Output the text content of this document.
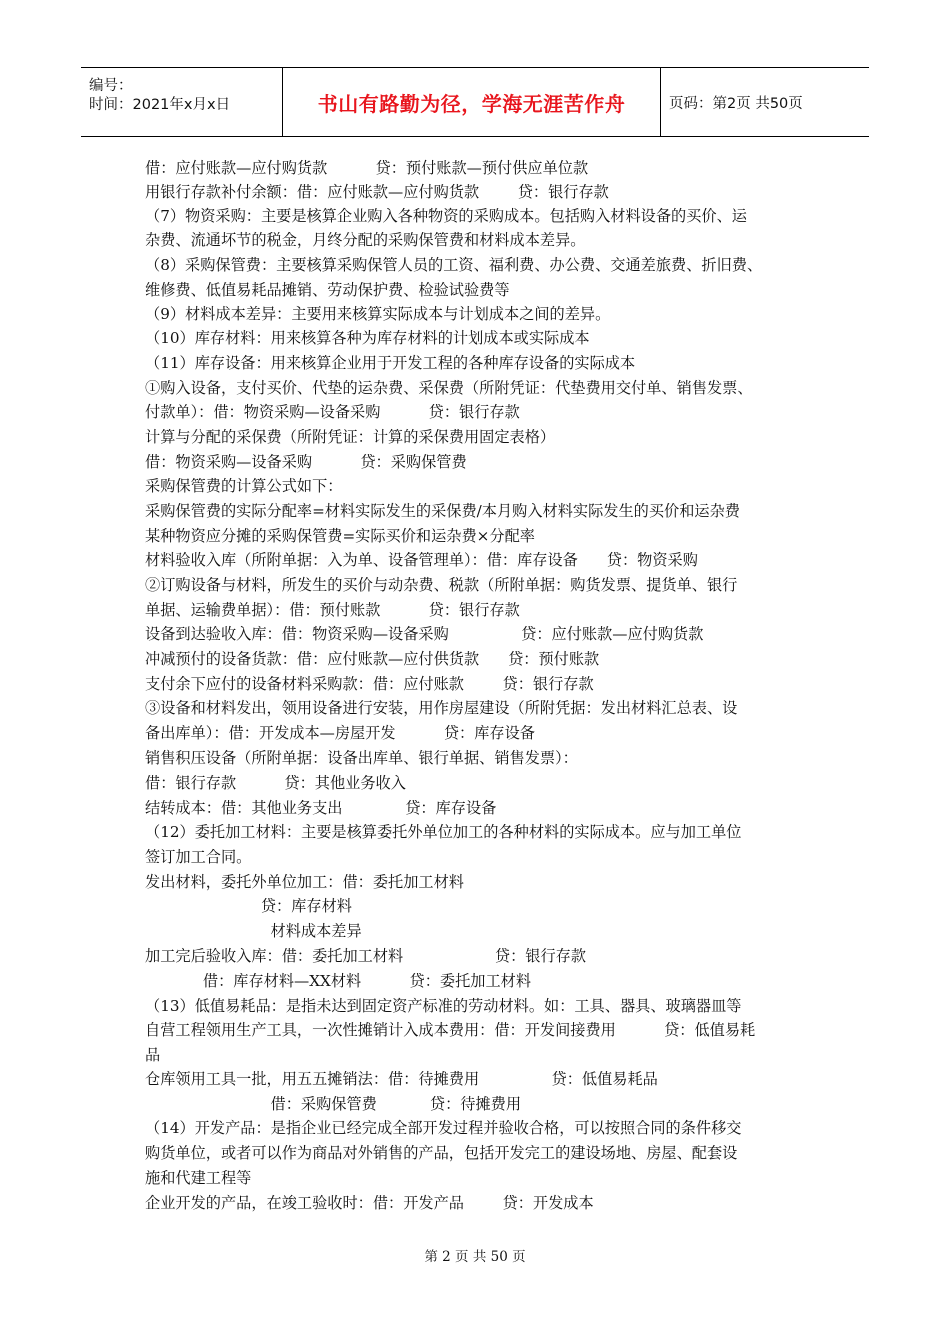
编号：
时间：2021年x月x日	书山有路勤为径，学海无涯苦作舟	页码：第2页 共50页
借：应付账款—应付购货款          贷：预付账款—预付供应单位款
用银行存款补付余额：借：应付账款—应付购货款        贷：银行存款
（7）物资采购：主要是核算企业购入各种物资的采购成本。包括购入材料设备的买价、运
杂费、流通坏节的税金，月终分配的采购保管费和材料成本差异。
（8）采购保管费：主要核算采购保管人员的工资、福利费、办公费、交通差旅费、折旧费、
维修费、低值易耗品摊销、劳动保护费、检验试验费等
（9）材料成本差异：主要用来核算实际成本与计划成本之间的差异。
（10）库存材料：用来核算各种为库存材料的计划成本或实际成本
（11）库存设备：用来核算企业用于开发工程的各种库存设备的实际成本
①购入设备，支付买价、代垫的运杂费、采保费（所附凭证：代垫费用交付单、销售发票、
付款单）：借：物资采购—设备采购          贷：银行存款
计算与分配的采保费（所附凭证：计算的采保费用固定表格）
借：物资采购—设备采购          贷：采购保管费
采购保管费的计算公式如下：
采购保管费的实际分配率=材料实际发生的采保费/本月购入材料实际发生的买价和运杂费
某种物资应分摊的采购保管费=实际买价和运杂费×分配率
材料验收入库（所附单据：入为单、设备管理单）：借：库存设备      贷：物资采购
②订购设备与材料，所发生的买价与动杂费、税款（所附单据：购货发票、提货单、银行
单据、运输费单据）：借：预付账款          贷：银行存款
设备到达验收入库：借：物资采购—设备采购               贷：应付账款—应付购货款
冲减预付的设备货款：借：应付账款—应付供货款      贷：预付账款
支付余下应付的设备材料采购款：借：应付账款        贷：银行存款
③设备和材料发出，领用设备进行安装，用作房屋建设（所附凭据：发出材料汇总表、设
备出库单）：借：开发成本—房屋开发          贷：库存设备
销售积压设备（所附单据：设备出库单、银行单据、销售发票）：
借：银行存款          贷：其他业务收入
结转成本：借：其他业务支出             贷：库存设备
（12）委托加工材料：主要是核算委托外单位加工的各种材料的实际成本。应与加工单位
签订加工合同。
发出材料，委托外单位加工：借：委托加工材料
贷：库存材料
材料成本差异
加工完后验收入库：借：委托加工材料                   贷：银行存款
借：库存材料—XX材料          贷：委托加工材料
（13）低值易耗品：是指未达到固定资产标准的劳动材料。如：工具、器具、玻璃器皿等
自营工程领用生产工具，一次性摊销计入成本费用：借：开发间接费用          贷：低值易耗
品
仓库领用工具一批，用五五摊销法：借：待摊费用               贷：低值易耗品
借：采购保管费           贷：待摊费用
（14）开发产品：是指企业已经完成全部开发过程并验收合格，可以按照合同的条件移交
购货单位，或者可以作为商品对外销售的产品，包括开发完工的建设场地、房屋、配套设
施和代建工程等
企业开发的产品，在竣工验收时：借：开发产品        贷：开发成本
第 2 页 共 50 页
